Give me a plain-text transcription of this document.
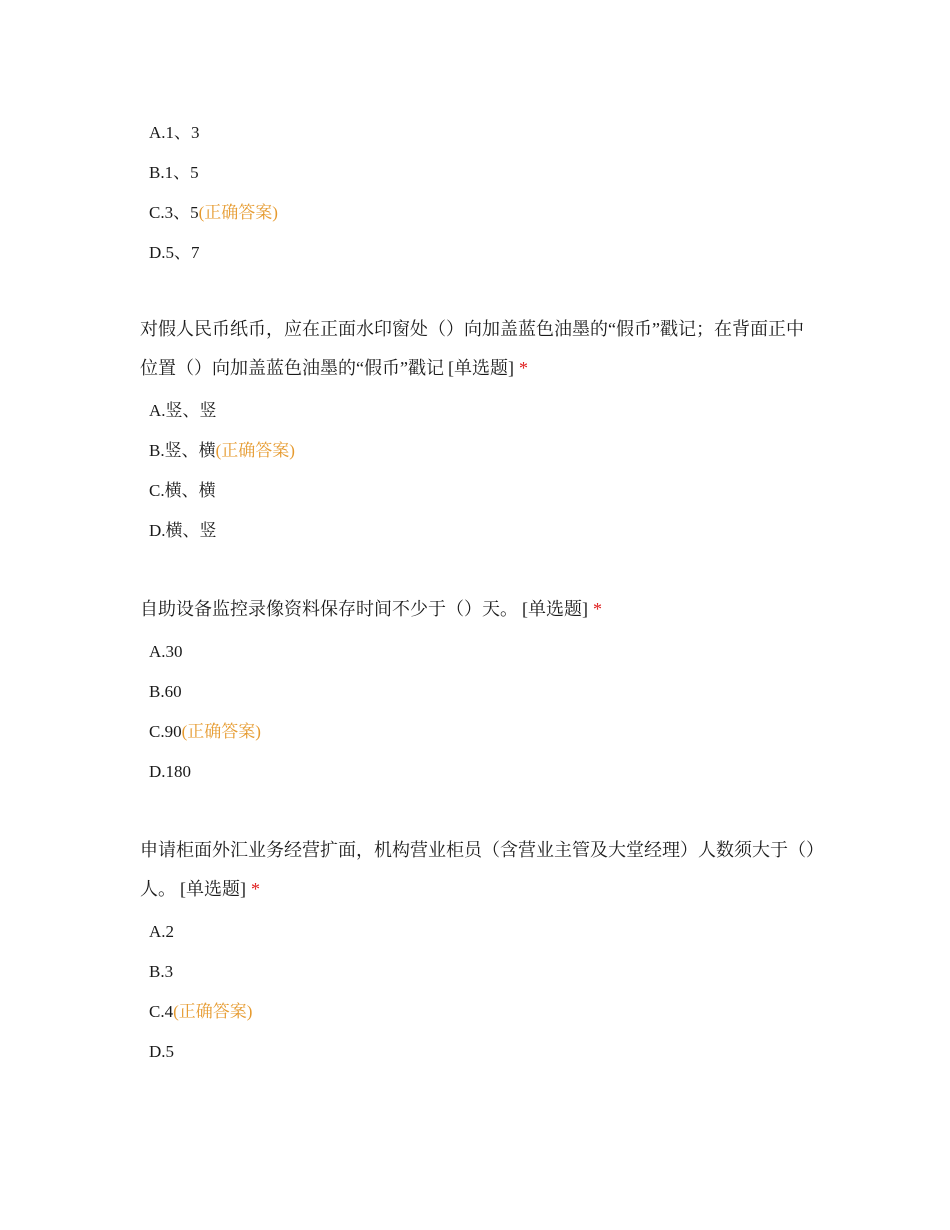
A.1、3
B.1、5
C.3、5(正确答案)
D.5、7

对假人民币纸币，应在正面水印窗处（）向加盖蓝色油墨的“假币”戳记；在背面正中位置（）向加盖蓝色油墨的“假币”戳记 [单选题] *

A.竖、竖
B.竖、横(正确答案)
C.横、横
D.横、竖

自助设备监控录像资料保存时间不少于（）天。 [单选题] *

A.30
B.60
C.90(正确答案)
D.180

申请柜面外汇业务经营扩面，机构营业柜员（含营业主管及大堂经理）人数须大于（）人。 [单选题] *

A.2
B.3
C.4(正确答案)
D.5
